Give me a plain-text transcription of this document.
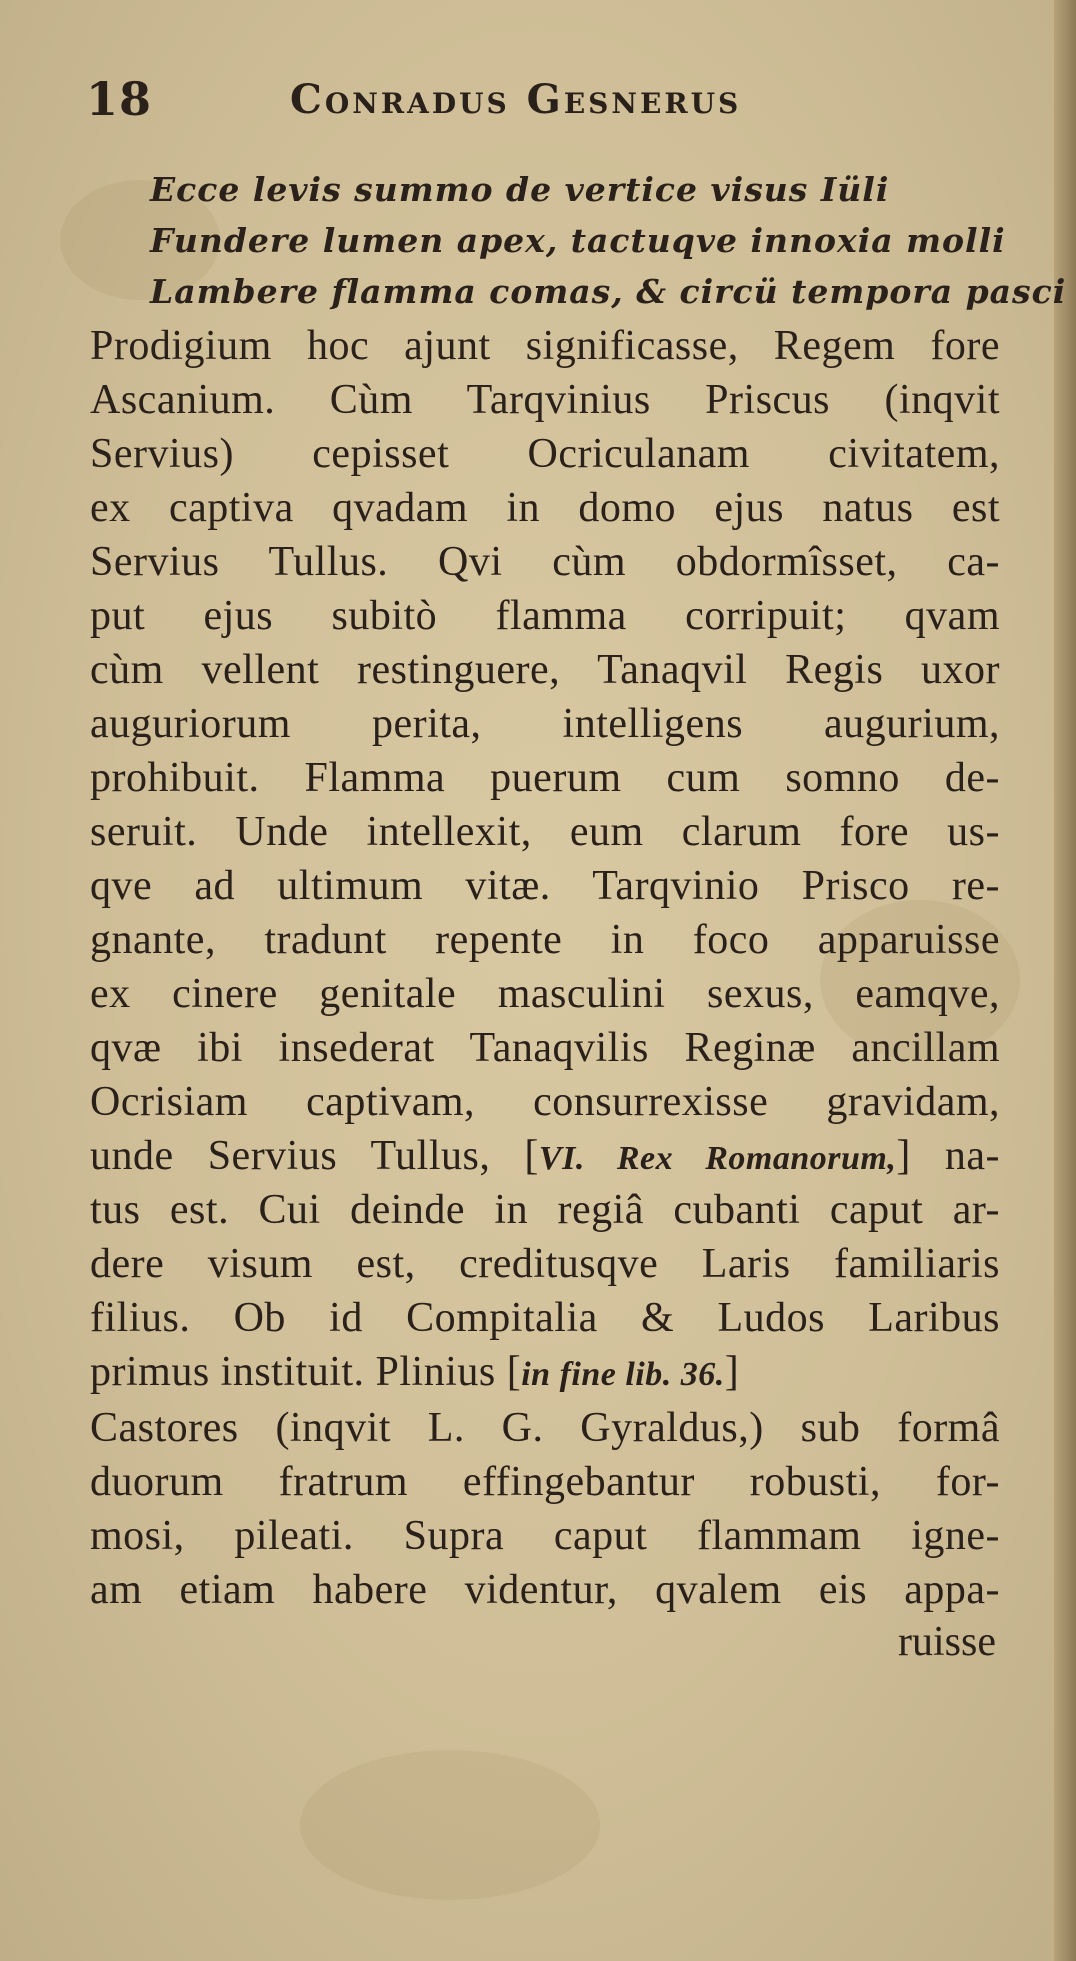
18	Conradus Gesnerus
Ecce levis summo de vertice visus Iüli
Fundere lumen apex, tactuqve innoxia molli
Lambere flamma comas, & circü tempora pasci
Prodigium hoc ajunt significasse, Regem fore
Ascanium. Cùm Tarqvinius Priscus (inqvit
Servius) cepisset Ocriculanam civitatem,
ex captiva qvadam in domo ejus natus est
Servius Tullus. Qvi cùm obdormîsset, ca-
put ejus subitò flamma corripuit; qvam
cùm vellent restinguere, Tanaqvil Regis uxor
auguriorum perita, intelligens augurium,
prohibuit. Flamma puerum cum somno de-
seruit. Unde intellexit, eum clarum fore us-
qve ad ultimum vitæ. Tarqvinio Prisco re-
gnante, tradunt repente in foco apparuisse
ex cinere genitale masculini sexus, eamqve,
qvæ ibi insederat Tanaqvilis Reginæ ancillam
Ocrisiam captivam, consurrexisse gravidam,
unde Servius Tullus, [VI. Rex Romanorum,] na-
tus est. Cui deinde in regiâ cubanti caput ar-
dere visum est, creditusqve Laris familiaris
filius. Ob id Compitalia & Ludos Laribus
primus instituit. Plinius [in fine lib. 36.]
Castores (inqvit L. G. Gyraldus,) sub formâ
duorum fratrum effingebantur robusti, for-
mosi, pileati. Supra caput flammam igne-
am etiam habere videntur, qvalem eis appa-
ruisse
